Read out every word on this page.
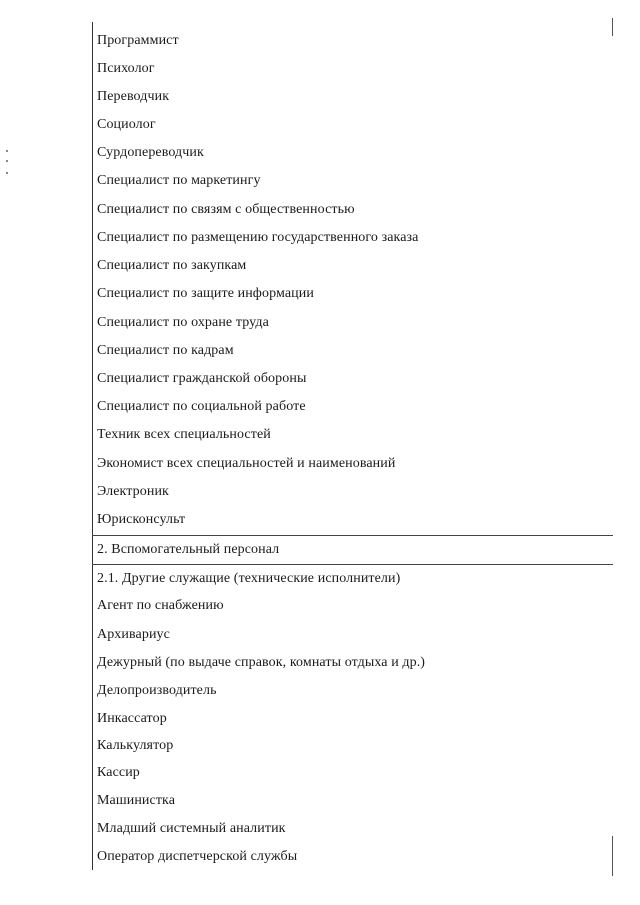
Программист
Психолог
Переводчик
Социолог
Сурдопереводчик
Специалист по маркетингу
Специалист по связям с общественностью
Специалист по размещению государственного заказа
Специалист по закупкам
Специалист по защите информации
Специалист по охране труда
Специалист по кадрам
Специалист гражданской обороны
Специалист по социальной работе
Техник всех специальностей
Экономист всех специальностей и наименований
Электроник
Юрисконсульт
2. Вспомогательный персонал
2.1. Другие служащие (технические исполнители)
Агент по снабжению
Архивариус
Дежурный (по выдаче справок, комнаты отдыха и др.)
Делопроизводитель
Инкассатор
Калькулятор
Кассир
Машинистка
Младший системный аналитик
Оператор диспетчерской службы
